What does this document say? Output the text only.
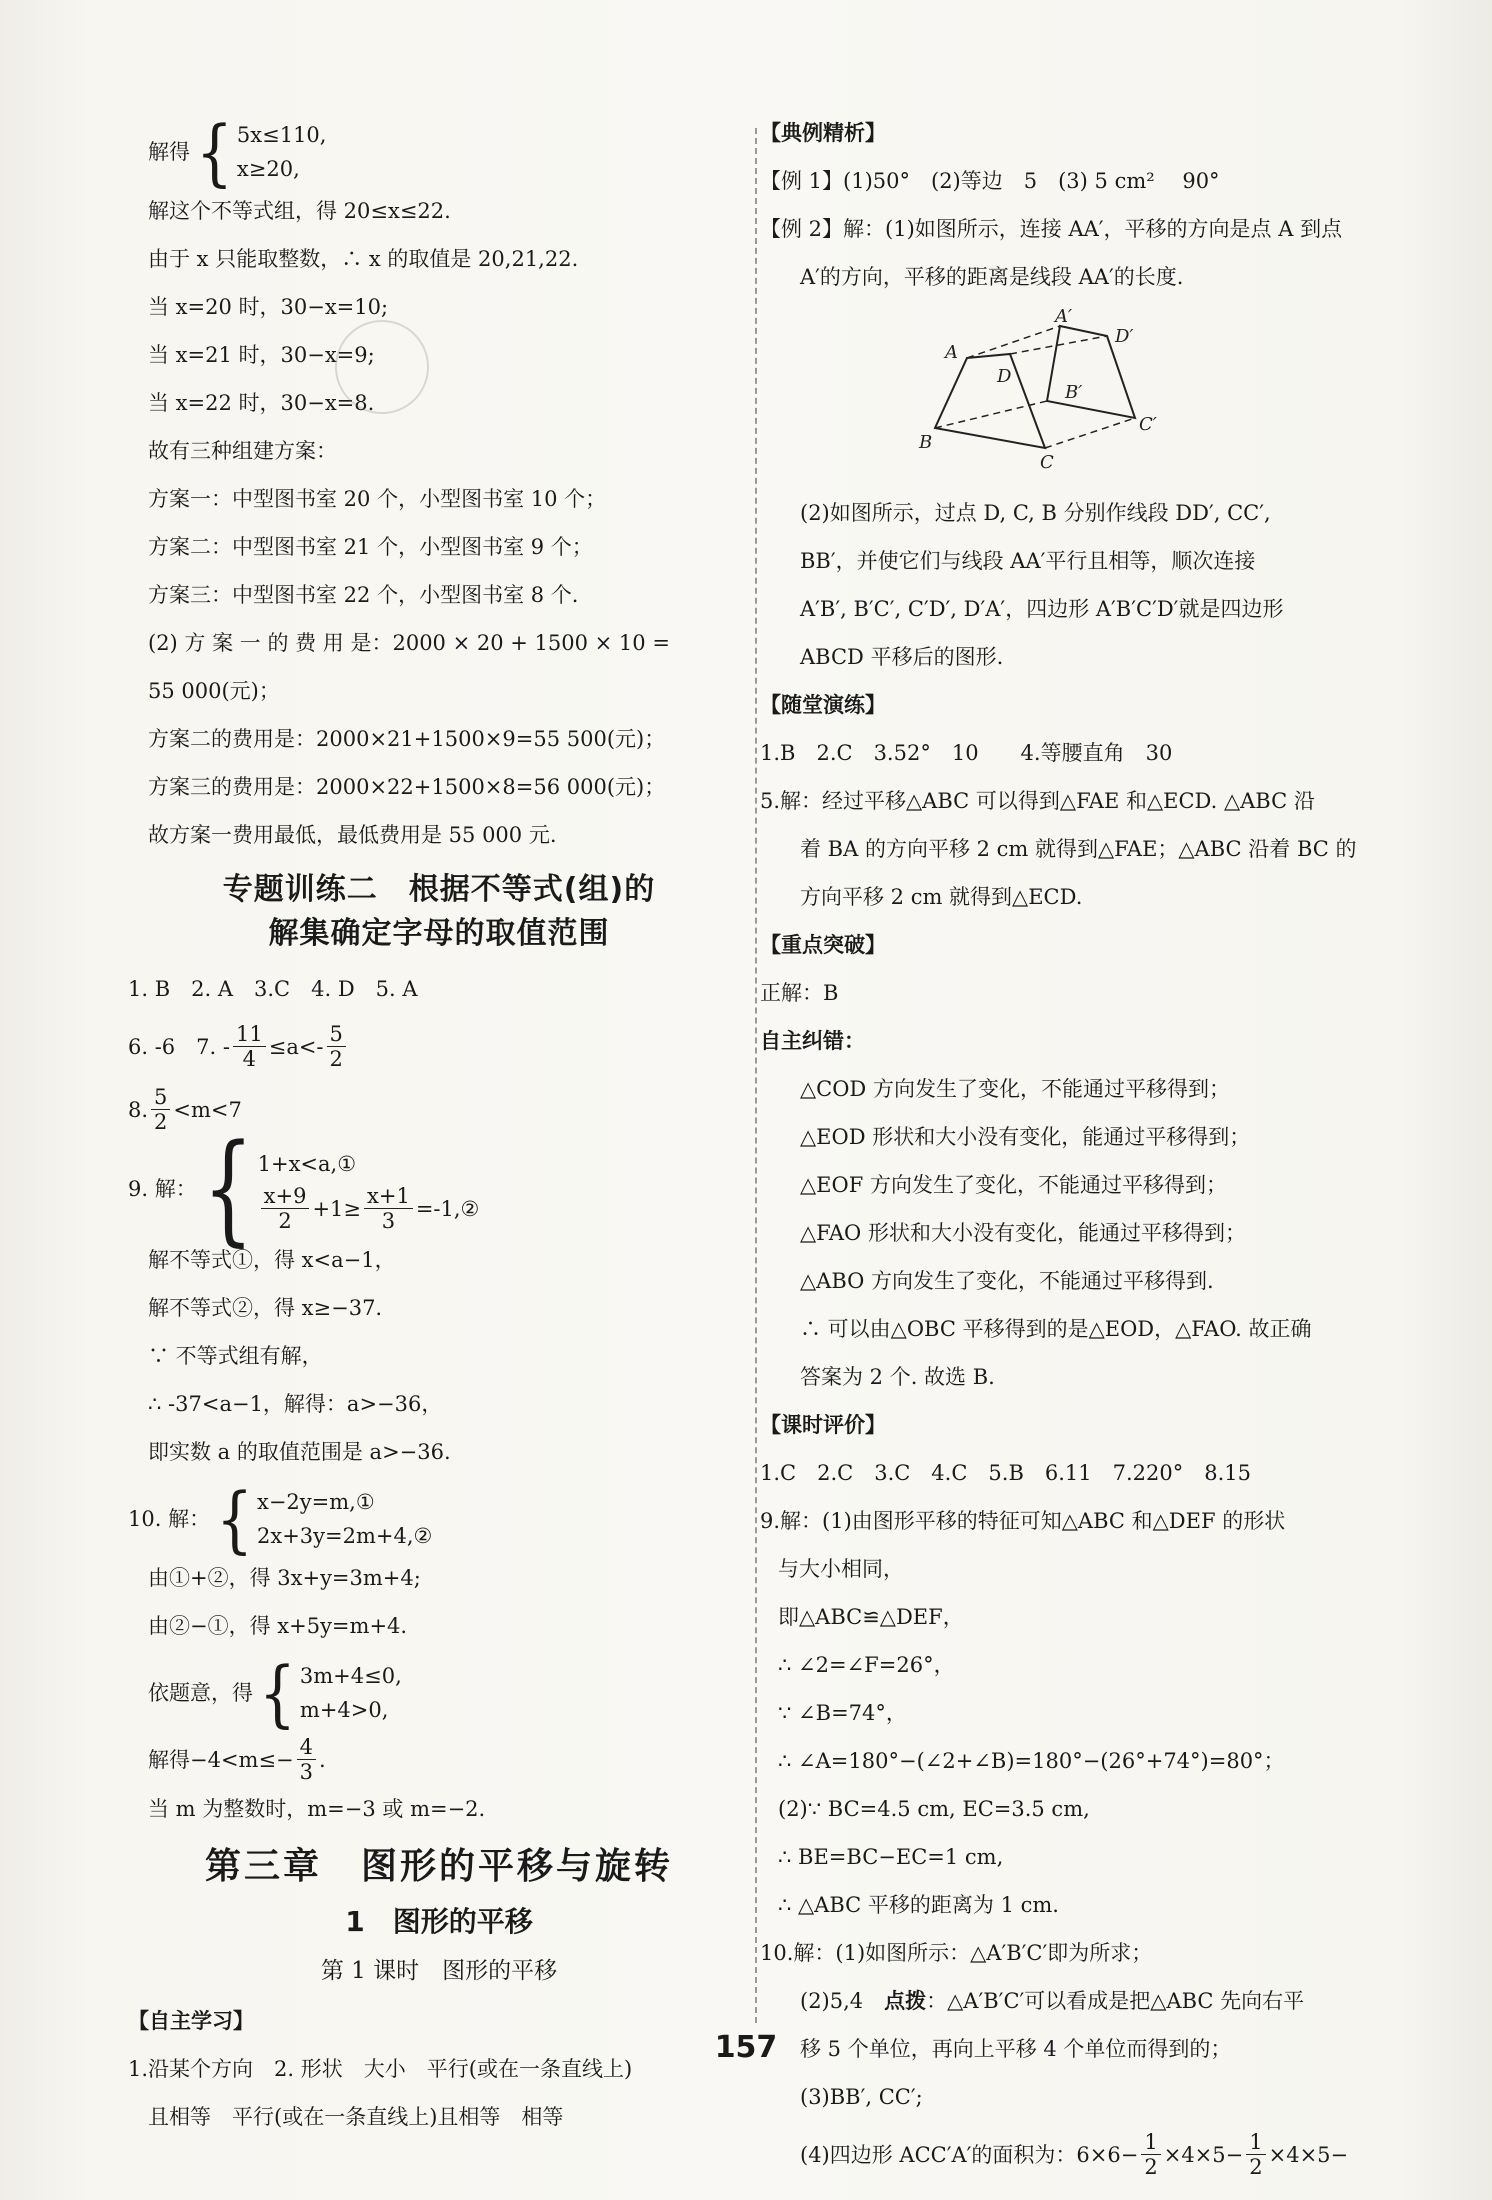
解得 { 5x≤110,
x≥20,
解这个不等式组，得 20≤x≤22.
由于 x 只能取整数，∴ x 的取值是 20,21,22.
当 x=20 时，30−x=10;
当 x=21 时，30−x=9;
当 x=22 时，30−x=8.
故有三种组建方案：
方案一：中型图书室 20 个，小型图书室 10 个；
方案二：中型图书室 21 个，小型图书室 9 个；
方案三：中型图书室 22 个，小型图书室 8 个.
(2) 方 案 一 的 费 用 是：2000 × 20 + 1500 × 10 =
55 000(元)；
方案二的费用是：2000×21+1500×9=55 500(元)；
方案三的费用是：2000×22+1500×8=56 000(元)；
故方案一费用最低，最低费用是 55 000 元.
专题训练二　根据不等式(组)的
解集确定字母的取值范围
1. B　2. A　3.C　4. D　5. A
6. -6　7. - $\frac{11}{4} \le a<- \frac{5}{2}$
8. $\frac{5}{2} <m<7$
9. 解： { 1+x<a,①
$\frac{x+9}{2} +1\ge \frac{x+1}{3}$ =-1,②
解不等式①，得 x<a−1，
解不等式②，得 x≥−37.
∵ 不等式组有解，
∴ -37<a−1，解得：a>−36，
即实数 a 的取值范围是 a>−36.
10. 解： { x−2y=m,①
2x+3y=2m+4,②
由①+②，得 3x+y=3m+4;
由②−①，得 x+5y=m+4.
依题意，得 { 3m+4≤0,
m+4>0,
解得$-4<m\le- \frac{4}{3}$ .
当 m 为整数时，m=−3 或 m=−2.
第三章　图形的平移与旋转
1　图形的平移
第 1 课时　图形的平移
【自主学习】
1.沿某个方向　2. 形状　大小　平行(或在一条直线上)
且相等　平行(或在一条直线上)且相等　相等
【典例精析】
【例 1】(1)50°　(2)等边　5　(3) 5 cm² 　90°
【例 2】解：(1)如图所示，连接 AA′，平移的方向是点 A 到点
A′的方向，平移的距离是线段 AA′的长度.
A
A′
D′
D
B′
B
C
C′
(2)如图所示，过点 D, C, B 分别作线段 DD′, CC′,
BB′，并使它们与线段 AA′平行且相等，顺次连接
A′B′, B′C′, C′D′, D′A′，四边形 A′B′C′D′就是四边形
ABCD 平移后的图形.
【随堂演练】
1.B　2.C　3.52°　10　　4.等腰直角　30
5.解：经过平移△ABC 可以得到△FAE 和△ECD. △ABC 沿
着 BA 的方向平移 2 cm 就得到△FAE；△ABC 沿着 BC 的
方向平移 2 cm 就得到△ECD.
【重点突破】
正解：B
自主纠错：
△COD 方向发生了变化，不能通过平移得到；
△EOD 形状和大小没有变化，能通过平移得到；
△EOF 方向发生了变化，不能通过平移得到；
△FAO 形状和大小没有变化，能通过平移得到；
△ABO 方向发生了变化，不能通过平移得到.
∴ 可以由△OBC 平移得到的是△EOD，△FAO. 故正确
答案为 2 个. 故选 B.
【课时评价】
1.C　2.C　3.C　4.C　5.B　6.11　7.220°　8.15
9.解：(1)由图形平移的特征可知△ABC 和△DEF 的形状
与大小相同，
即△ABC≌△DEF，
∴ ∠2=∠F=26°，
∵ ∠B=74°，
∴ ∠A=180°−(∠2+∠B)=180°−(26°+74°)=80°；
(2)∵ BC=4.5 cm, EC=3.5 cm,
∴ BE=BC−EC=1 cm,
∴ △ABC 平移的距离为 1 cm.
10.解：(1)如图所示：△A′B′C′即为所求；
(2)5,4　点拨：△A′B′C′可以看成是把△ABC 先向右平
移 5 个单位，再向上平移 4 个单位而得到的；
(3)BB′, CC′;
(4)四边形 ACC′A′的面积为：$6\times 6- \frac{1}{2} \times 4\times 5- \frac{1}{2} \times 4\times 5-$
157
